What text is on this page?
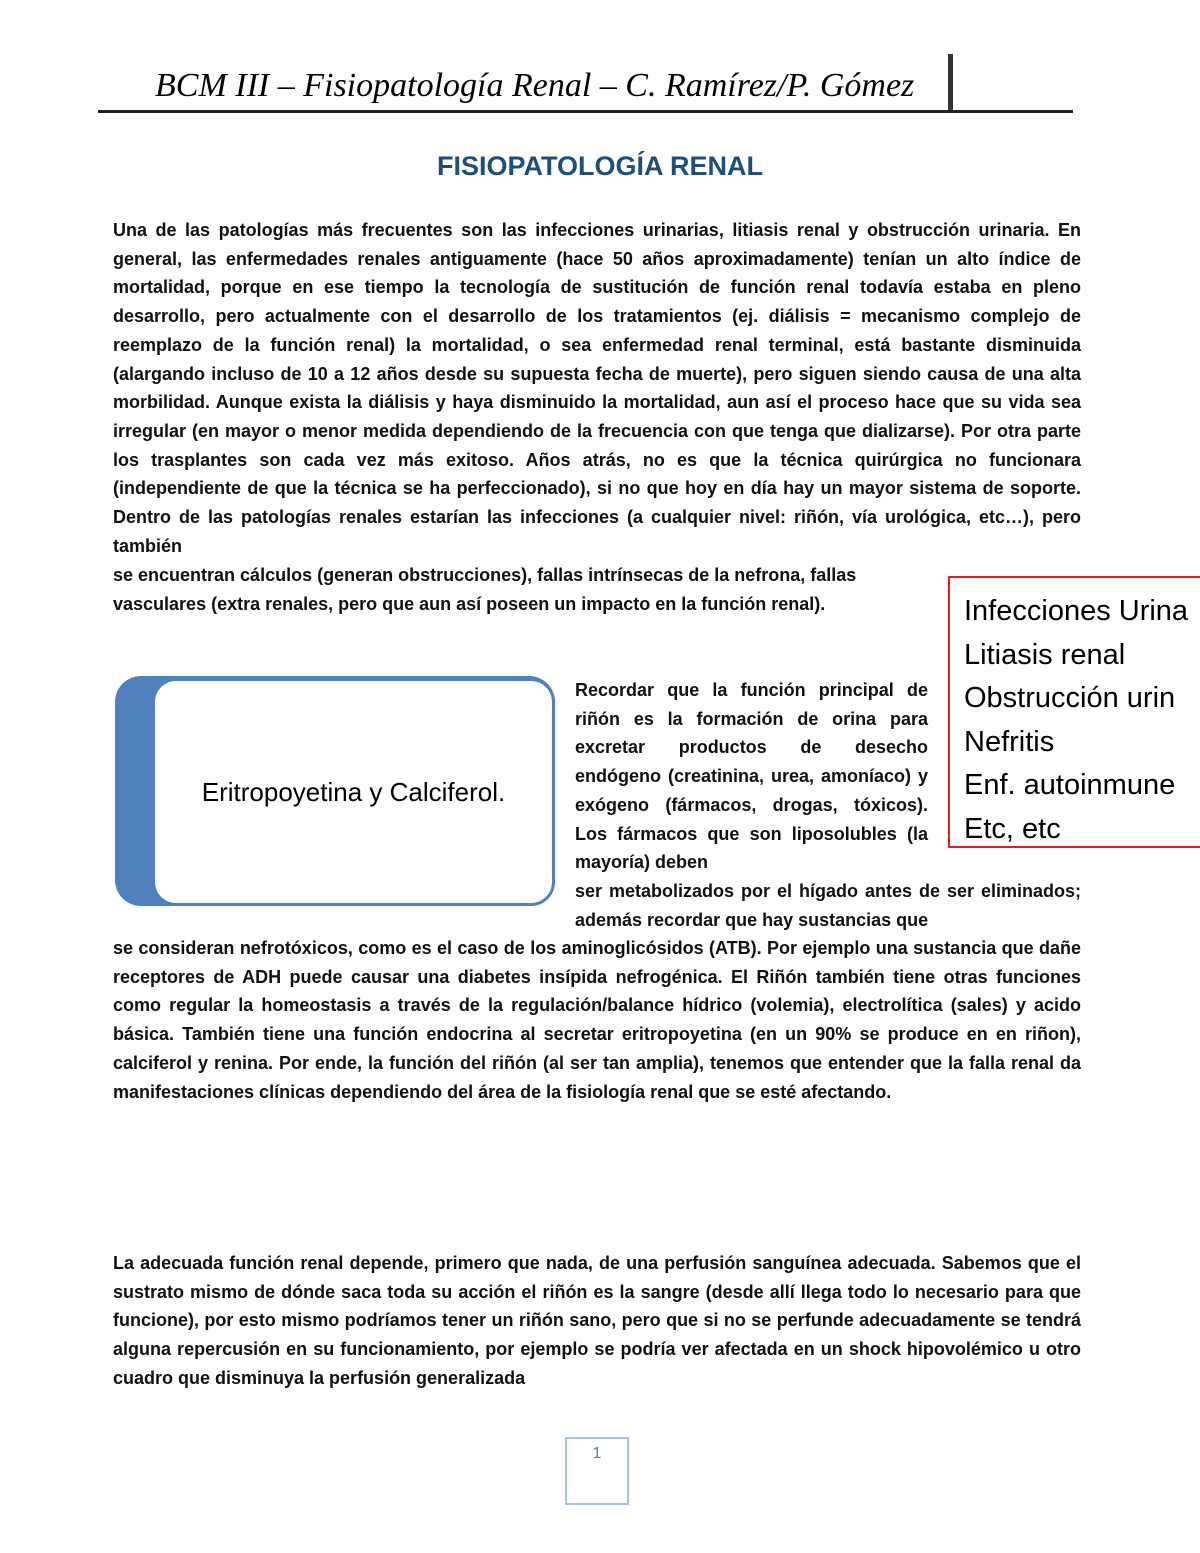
BCM III – Fisiopatología Renal – C. Ramírez/P. Gómez
FISIOPATOLOGÍA RENAL

Una de las patologías más frecuentes son las infecciones urinarias, litiasis renal y obstrucción urinaria. En general, las enfermedades renales antiguamente (hace 50 años aproximadamente) tenían un alto índice de mortalidad, porque en ese tiempo la tecnología de sustitución de función renal todavía estaba en pleno desarrollo, pero actualmente con el desarrollo de los tratamientos (ej. diálisis = mecanismo complejo de reemplazo de la función renal) la mortalidad, o sea enfermedad renal terminal, está bastante disminuida (alargando incluso de 10 a 12 años desde su supuesta fecha de muerte), pero siguen siendo causa de una alta morbilidad. Aunque exista la diálisis y haya disminuido la mortalidad, aun así el proceso hace que su vida sea irregular (en mayor o menor medida dependiendo de la frecuencia con que tenga que dializarse). Por otra parte los trasplantes son cada vez más exitoso. Años atrás, no es que la técnica quirúrgica no funcionara (independiente de que la técnica se ha perfeccionado), si no que hoy en día hay un mayor sistema de soporte. Dentro de las patologías renales estarían las infecciones (a cualquier nivel: riñón, vía urológica, etc…), pero también

se encuentran cálculos (generan obstrucciones), fallas intrínsecas de la nefrona, fallas
vasculares (extra renales, pero que aun así poseen un impacto en la función renal).	Infecciones Urina
Litiasis renal
Obstrucción urin
Nefritis
Enf. autoinmune
Etc, etc
Eritropoyetina y Calciferol.

Recordar que la función principal de riñón es la formación de orina para excretar productos de desecho endógeno (creatinina, urea, amoníaco) y exógeno (fármacos, drogas, tóxicos). Los fármacos que son liposolubles (la mayoría) deben

ser metabolizados por el hígado antes de ser eliminados; además recordar que hay sustancias que

se consideran nefrotóxicos, como es el caso de los aminoglicósidos (ATB). Por ejemplo una sustancia que dañe receptores de ADH puede causar una diabetes insípida nefrogénica. El Riñón también tiene otras funciones como regular la homeostasis a través de la regulación/balance hídrico (volemia), electrolítica (sales) y acido básica. También tiene una función endocrina al secretar eritropoyetina (en un 90% se produce en en riñon), calciferol y renina. Por ende, la función del riñón (al ser tan amplia), tenemos que entender que la falla renal da manifestaciones clínicas dependiendo del área de la fisiología renal que se esté afectando.

La adecuada función renal depende, primero que nada, de una perfusión sanguínea adecuada. Sabemos que el sustrato mismo de dónde saca toda su acción el riñón es la sangre (desde allí llega todo lo necesario para que funcione), por esto mismo podríamos tener un riñón sano, pero que si no se perfunde adecuadamente se tendrá alguna repercusión en su funcionamiento, por ejemplo se podría ver afectada en un shock hipovolémico u otro cuadro que disminuya la perfusión generalizada

1
